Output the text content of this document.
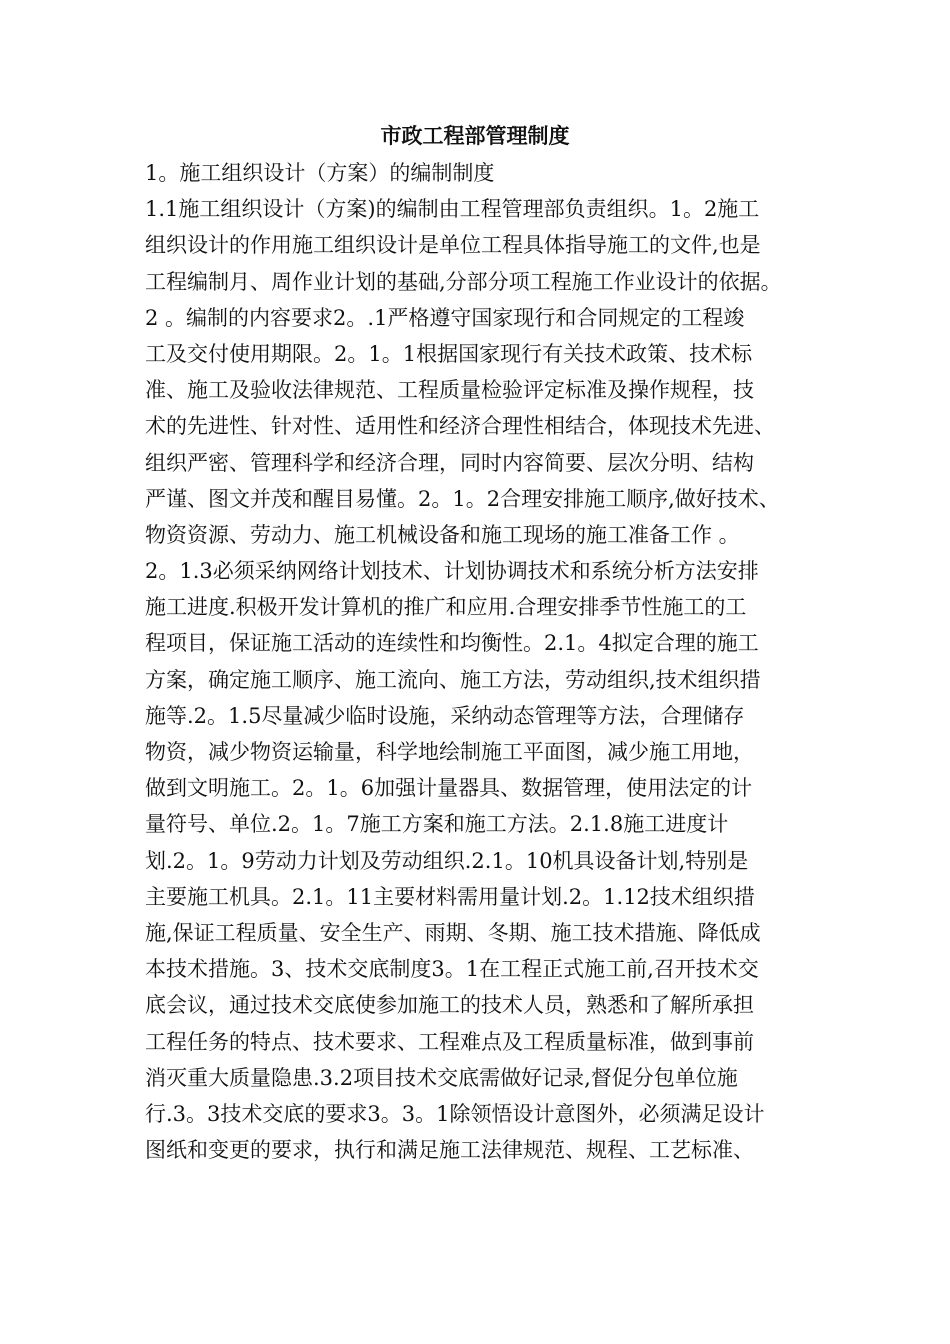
市政工程部管理制度
1。施工组织设计（方案）的编制制度
1.1施工组织设计（方案)的编制由工程管理部负责组织。1。2施工
组织设计的作用施工组织设计是单位工程具体指导施工的文件,也是
工程编制月、周作业计划的基础,分部分项工程施工作业设计的依据。
2 。编制的内容要求2。.1严格遵守国家现行和合同规定的工程竣
工及交付使用期限。2。1。1根据国家现行有关技术政策、技术标
准、施工及验收法律规范、工程质量检验评定标准及操作规程，技
术的先进性、针对性、适用性和经济合理性相结合，体现技术先进、
组织严密、管理科学和经济合理，同时内容简要、层次分明、结构
严谨、图文并茂和醒目易懂。2。1。2合理安排施工顺序,做好技术、
物资资源、劳动力、施工机械设备和施工现场的施工准备工作 。
2。1.3必须采纳网络计划技术、计划协调技术和系统分析方法安排
施工进度.积极开发计算机的推广和应用.合理安排季节性施工的工
程项目，保证施工活动的连续性和均衡性。2.1。4拟定合理的施工
方案，确定施工顺序、施工流向、施工方法，劳动组织,技术组织措
施等.2。1.5尽量减少临时设施，采纳动态管理等方法，合理储存
物资，减少物资运输量，科学地绘制施工平面图，减少施工用地，
做到文明施工。2。1。6加强计量器具、数据管理，使用法定的计
量符号、单位.2。1。7施工方案和施工方法。2.1.8施工进度计
划.2。1。9劳动力计划及劳动组织.2.1。10机具设备计划,特别是
主要施工机具。2.1。11主要材料需用量计划.2。1.12技术组织措
施,保证工程质量、安全生产、雨期、冬期、施工技术措施、降低成
本技术措施。3、技术交底制度3。1在工程正式施工前,召开技术交
底会议，通过技术交底使参加施工的技术人员，熟悉和了解所承担
工程任务的特点、技术要求、工程难点及工程质量标准，做到事前
消灭重大质量隐患.3.2项目技术交底需做好记录,督促分包单位施
行.3。3技术交底的要求3。3。1除领悟设计意图外，必须满足设计
图纸和变更的要求，执行和满足施工法律规范、规程、工艺标准、
